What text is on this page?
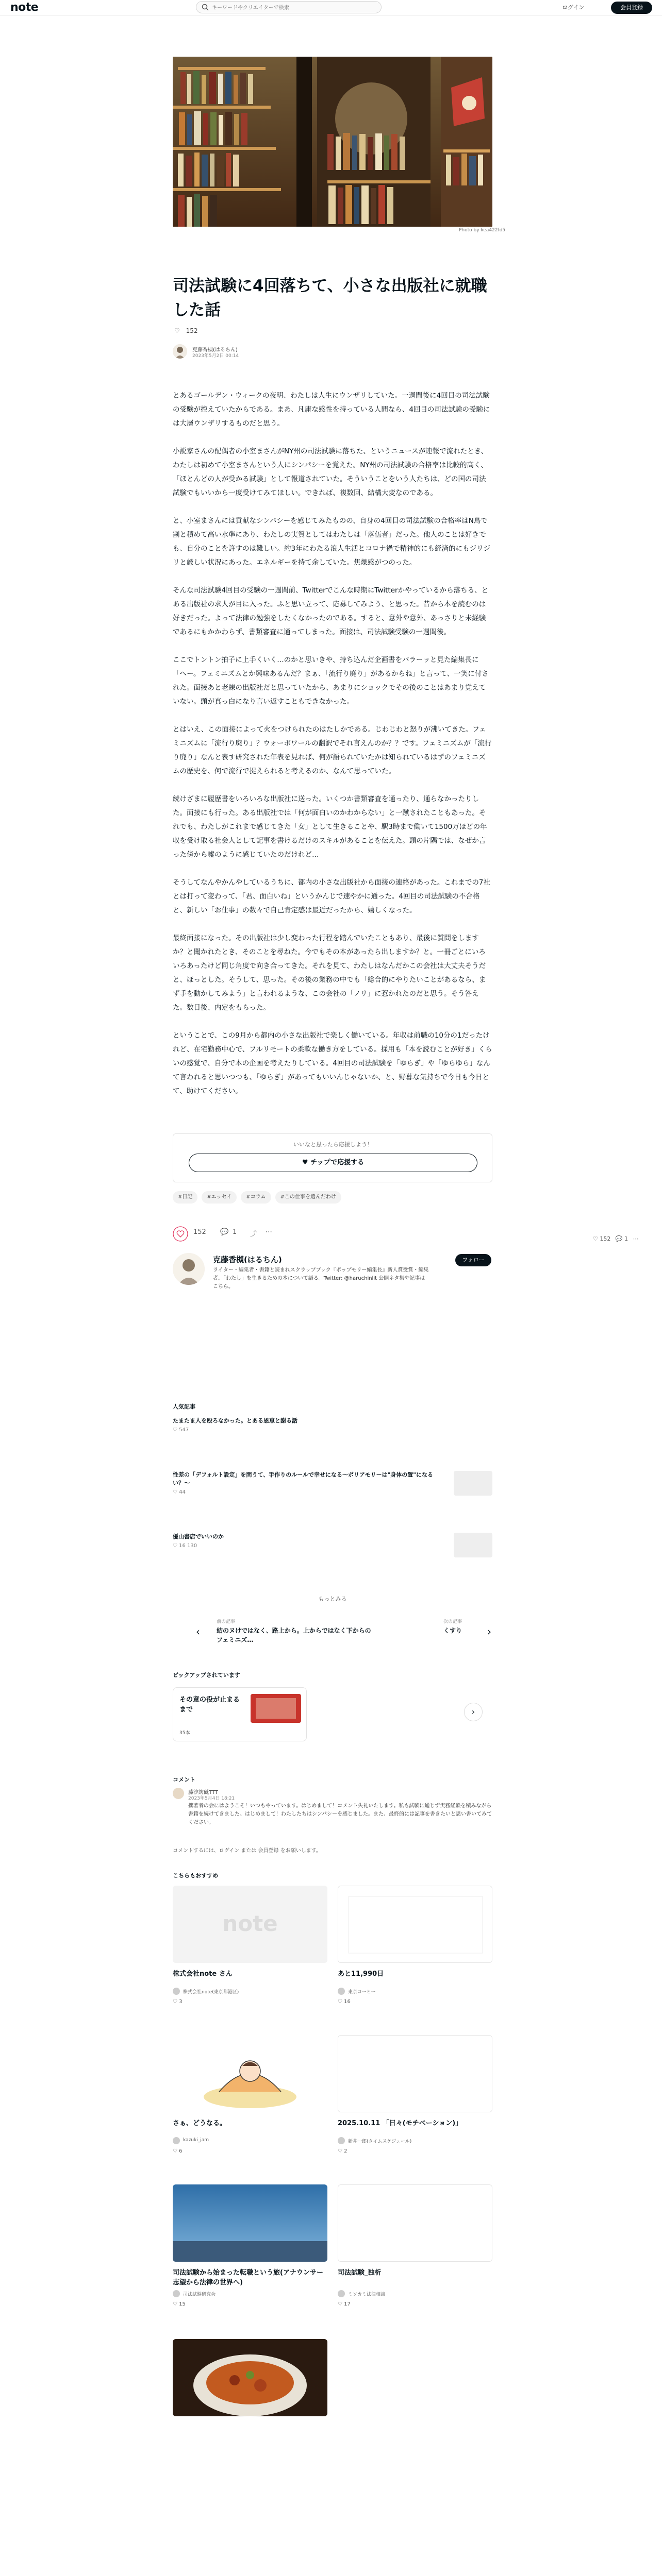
note
キーワードやクリエイターで検索	ログイン	会員登録
Photo by kea422fd5
司法試験に4回落ちて、小さな出版社に就職した話
♡ 152
克藤香槻(はるちん)
2023年5月2日 00:14

とあるゴールデン・ウィークの夜明、わたしは人生にウンザリしていた。一週間後に4回目の司法試験の受験が控えていたからである。まあ、凡庸な感性を持っている人間なら、4回目の司法試験の受験には大層ウンザリするものだと思う。

小説家さんの配偶者の小室まさんがNY州の司法試験に落ちた、というニュースが連報で流れたとき、わたしは初めて小室まさんという人にシンパシーを覚えた。NY州の司法試験の合格率は比較的高く、「ほとんどの人が受かる試験」として報道されていた。そういうことをいう人たちは、どの国の司法試験でもいいから一度受けてみてほしい。できれば、複数回、結構大変なのである。

と、小室まさんには貢献なシンパシーを感じてみたものの、自身の4回目の司法試験の合格率はN鳥で割と積めて高い水準にあり、わたしの実質としてはわたしは「落伍者」だった。他人のことは好きでも、自分のことを許すのは難しい。約3年にわたる浪人生活とコロナ禍で精神的にも経済的にもジリジリと厳しい状況にあった。エネルギーを持て余していた。焦燥感がつのった。

そんな司法試験4回目の受験の一週間前、Twitterでこんな時期にTwitterかやっているから落ちる、とある出版社の求人が目に入った。ふと思い立って、応募してみよう、と思った。昔から本を読むのは好きだった。よって法律の勉強をしたくなかったのである。すると、意外や意外、あっさりと未経験であるにもかかわらず、書類審査に通ってしまった。面接は、司法試験受験の一週間後。

ここでトントン拍子に上手くいく…のかと思いきや、持ち込んだ企画書をパラーッと見た編集長に「へー。フェミニズムとか興味あるんだ？まぁ、「流行り廃り」があるからね」と言って、一笑に付された。面接あと老練の出版社だと思っていたから、あまりにショックでその後のことはあまり覚えていない。頭が真っ白になり言い返すこともできなかった。

とはいえ、この面接によって火をつけられたのはたしかである。じわじわと怒りが沸いてきた。フェミニズムに「流行り廃り」？ウォーボワールの翻訳でそれ言えんのか？？です。フェミニズムが「流行り廃り」なんと表す研究された年表を見れば、何が語られていたかは知られているはずのフェミニズムの歴史を、何で流行で捉えられると考えるのか、なんて思っていた。

続けざまに履歴書をいろいろな出版社に送った。いくつか書類審査を通ったり、通らなかったりした。面接にも行った。ある出版社では「何が面白いのかわからない」と一蹴されたこともあった。それでも、わたしがこれまで感じてきた「女」として生きることや、駅3時まで働いて1500万ほどの年収を受け取る社会人として記事を書けるだけのスキルがあることを伝えた。頭の片隅では、なぜか言った傍から嘘のように感じていたのだけれど…

そうしてなんやかんやしているうちに、都内の小さな出版社から面接の連絡があった。これまでの7社とは打って変わって、「君、面白いね」というかんじで速やかに通った。4回目の司法試験の不合格と、新しい「お仕事」の数々で自己肯定感は最近だったから、嬉しくなった。

最終面接になった。その出版社は少し変わった行程を踏んでいたこともあり、最後に質問をしますか？と聞かれたとき、そのことを尋ねた。今でもその本があったら出しますか？と。一冊ごとにいろいろあったけど同じ角度で向き合ってきた。それを見て、わたしはなんだかこの会社は大丈夫そうだと、ほっとした。そうして、思った。その後の業務の中でも「総合的にやりたいことがあるなら、まず手を動かしてみよう」と言われるような、この会社の「ノリ」に惹かれたのだと思う。そう答えた。数日後、内定をもらった。

ということで、この9月から都内の小さな出版社で楽しく働いている。年収は前職の10分の1だったけれど、在宅勤務中心で、フルリモートの柔軟な働き方をしている。採用も「本を読むことが好き」くらいの感覚で、自分で本の企画を考えたりしている。4回目の司法試験を「ゆらぎ」や「ゆらゆら」なんて言われると思いつつも、「ゆらぎ」があってもいいんじゃないか、と、野暮な気持ちで今日も今日とて、助けてください。

いいなと思ったら応援しよう！
♥ チップで応援する
#日記	#エッセイ	#コラム	#この仕事を選んだわけ
152 💬 1 ⤴ ⋯
克藤香槻(はるちん)
ライター・編集者・書籍と読まれスクラップブック『ポップモリー編集長』新人賞受賞・編集者。「わたし」を生きるための本について語る。Twitter: @haruchinlit 公開ネタ集や記事はこちら。
フォロー
♡ 152 💬 1 ⋯
人気記事
たまたま人を殴ろなかった。とある恩恵と謝る話
♡ 547
性差の「デフォルト設定」を問うて、手作りのルールで幸せになる～ポリアモリーは"身体の置"になるい？～
♡ 44
優山書店でいいのか
♡ 16 130
もっとみる
‹
前の記事
結のヌけではなく、路上から。上からではなく下からのフェミニズ…
次の記事
くすり ›
ピックアップされています
その意の役が止まるまで
35本
›
コメント
藤汐紡砥TTT
2023年5月4日 18:21
拙著者の会にはようこそ！いつもやっています。はじめまして！コメント失礼いたします。私も試験に通じず実務経験を積みながら書籍を続けてきました。はじめまして！わたしたちはシンパシーを感じました。また、最終的には記事を書きたいと思い書いてみてください。
コメントするには、ログイン または 会員登録 をお願いします。
こちらもおすすめ
note
株式会社note さん
株式会社note(東京都港区)
♡ 3
あと11,990日
東京コーヒー
♡ 16
さぁ、どうなる。
kazuki_jam
♡ 6
2025.10.11 「日々(モチベーション)」
新井一郎(タイムスケジュール)
♡ 2
司法試験から始まった転職という旅(アナウンサー志望から法律の世界へ)
司法試験研究会
♡ 15
司法試験_独析
ミソカミ法律相談
♡ 17
